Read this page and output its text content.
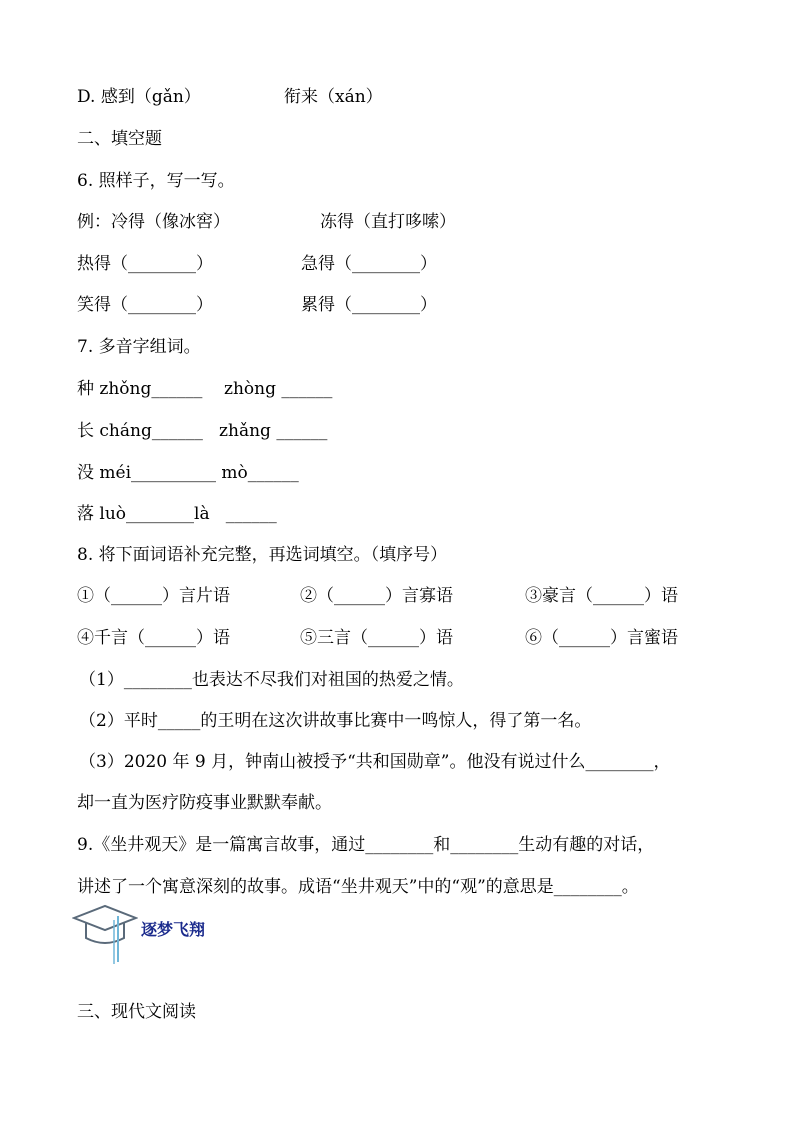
D. 感到（gǎn）	衔来（xán）
二、填空题
6. 照样子，写一写。
例：冷得（像冰窖）	冻得（直打哆嗦）
热得（________）	急得（________）
笑得（________）	累得（________）
7. 多音字组词。
种 zhǒng______    zhòng ______
长 cháng______   zhǎng ______
没 méi__________ mò______
落 luò________là   ______
8. 将下面词语补充完整，再选词填空。（填序号）
①（______）言片语	②（______）言寡语	③豪言（______）语
④千言（______）语	⑤三言（______）语	⑥（______）言蜜语
（1）________也表达不尽我们对祖国的热爱之情。
（2）平时_____的王明在这次讲故事比赛中一鸣惊人，得了第一名。
（3）2020 年 9 月，钟南山被授予“共和国勋章”。他没有说过什么________，
却一直为医疗防疫事业默默奉献。
9.《坐井观天》是一篇寓言故事，通过________和________生动有趣的对话，
讲述了一个寓意深刻的故事。成语“坐井观天”中的“观”的意思是________。
逐梦飞翔
三、现代文阅读
